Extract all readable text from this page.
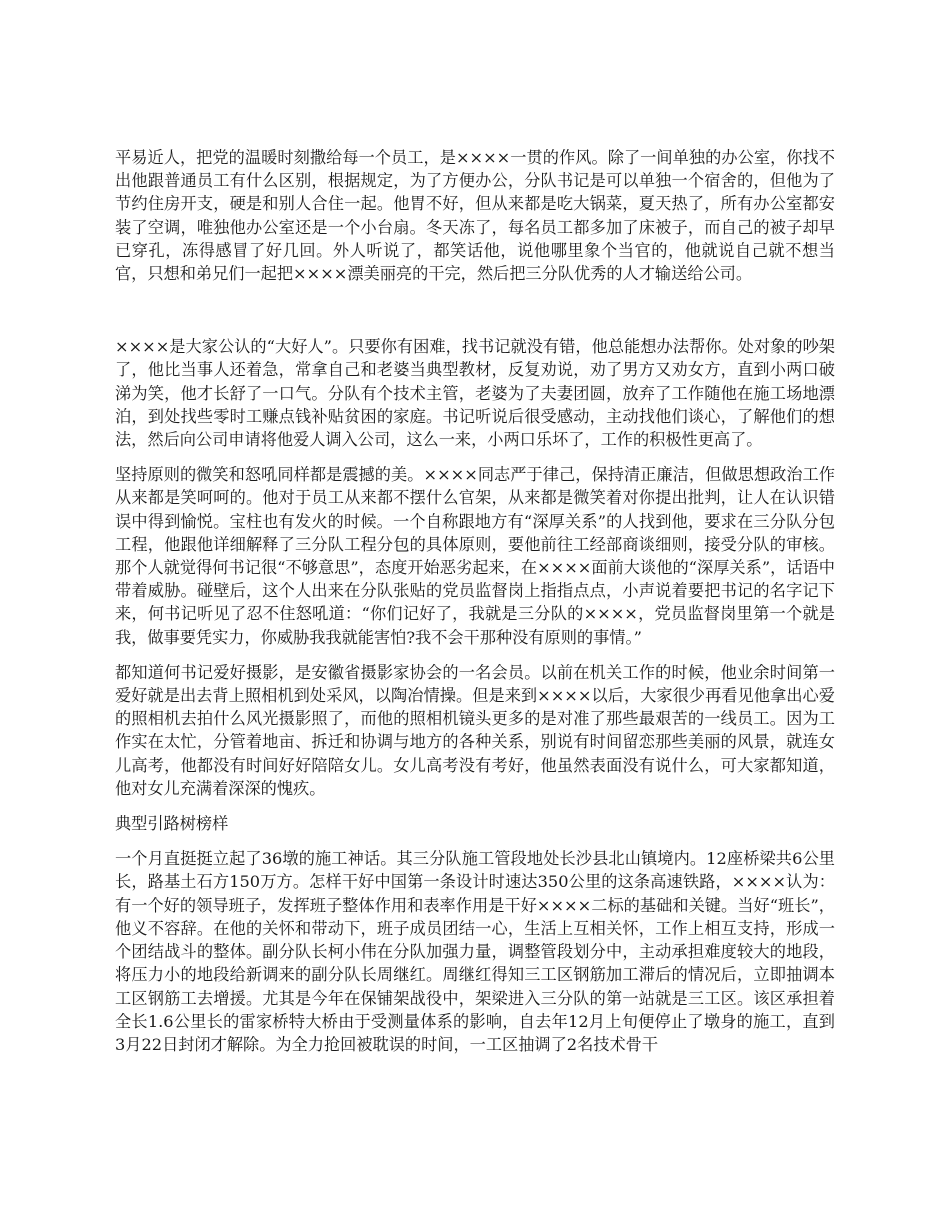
平易近人，把党的温暖时刻撒给每一个员工，是××××一贯的作风。除了一间单独的办公室，你找不出他跟普通员工有什么区别，根据规定，为了方便办公，分队书记是可以单独一个宿舍的，但他为了节约住房开支，硬是和别人合住一起。他胃不好，但从来都是吃大锅菜，夏天热了，所有办公室都安装了空调，唯独他办公室还是一个小台扇。冬天冻了，每名员工都多加了床被子，而自己的被子却早已穿孔，冻得感冒了好几回。外人听说了，都笑话他，说他哪里象个当官的，他就说自己就不想当官，只想和弟兄们一起把××××漂美丽亮的干完，然后把三分队优秀的人才输送给公司。

××××是大家公认的“大好人”。只要你有困难，找书记就没有错，他总能想办法帮你。处对象的吵架了，他比当事人还着急，常拿自己和老婆当典型教材，反复劝说，劝了男方又劝女方，直到小两口破涕为笑，他才长舒了一口气。分队有个技术主管，老婆为了夫妻团圆，放弃了工作随他在施工场地漂泊，到处找些零时工赚点钱补贴贫困的家庭。书记听说后很受感动，主动找他们谈心，了解他们的想法，然后向公司申请将他爱人调入公司，这么一来，小两口乐坏了，工作的积极性更高了。

坚持原则的微笑和怒吼同样都是震撼的美。××××同志严于律己，保持清正廉洁，但做思想政治工作从来都是笑呵呵的。他对于员工从来都不摆什么官架，从来都是微笑着对你提出批判，让人在认识错误中得到愉悦。宝柱也有发火的时候。一个自称跟地方有“深厚关系”的人找到他，要求在三分队分包工程，他跟他详细解释了三分队工程分包的具体原则，要他前往工经部商谈细则，接受分队的审核。那个人就觉得何书记很“不够意思”，态度开始恶劣起来，在××××面前大谈他的“深厚关系”，话语中带着威胁。碰壁后，这个人出来在分队张贴的党员监督岗上指指点点，小声说着要把书记的名字记下来，何书记听见了忍不住怒吼道：“你们记好了，我就是三分队的××××，党员监督岗里第一个就是我，做事要凭实力，你威胁我我就能害怕?我不会干那种没有原则的事情。”

都知道何书记爱好摄影，是安徽省摄影家协会的一名会员。以前在机关工作的时候，他业余时间第一爱好就是出去背上照相机到处采风，以陶冶情操。但是来到××××以后，大家很少再看见他拿出心爱的照相机去拍什么风光摄影照了，而他的照相机镜头更多的是对准了那些最艰苦的一线员工。因为工作实在太忙，分管着地亩、拆迁和协调与地方的各种关系，别说有时间留恋那些美丽的风景，就连女儿高考，他都没有时间好好陪陪女儿。女儿高考没有考好，他虽然表面没有说什么，可大家都知道，他对女儿充满着深深的愧疚。

典型引路树榜样

一个月直挺挺立起了36墩的施工神话。其三分队施工管段地处长沙县北山镇境内。12座桥梁共6公里长，路基土石方150万方。怎样干好中国第一条设计时速达350公里的这条高速铁路，××××认为：有一个好的领导班子，发挥班子整体作用和表率作用是干好××××二标的基础和关键。当好“班长”，他义不容辞。在他的关怀和带动下，班子成员团结一心，生活上互相关怀，工作上相互支持，形成一个团结战斗的整体。副分队长柯小伟在分队加强力量，调整管段划分中，主动承担难度较大的地段，将压力小的地段给新调来的副分队长周继红。周继红得知三工区钢筋加工滞后的情况后，立即抽调本工区钢筋工去增援。尤其是今年在保铺架战役中，架梁进入三分队的第一站就是三工区。该区承担着全长1.6公里长的雷家桥特大桥由于受测量体系的影响，自去年12月上旬便停止了墩身的施工，直到3月22日封闭才解除。为全力抢回被耽误的时间，一工区抽调了2名技术骨干
